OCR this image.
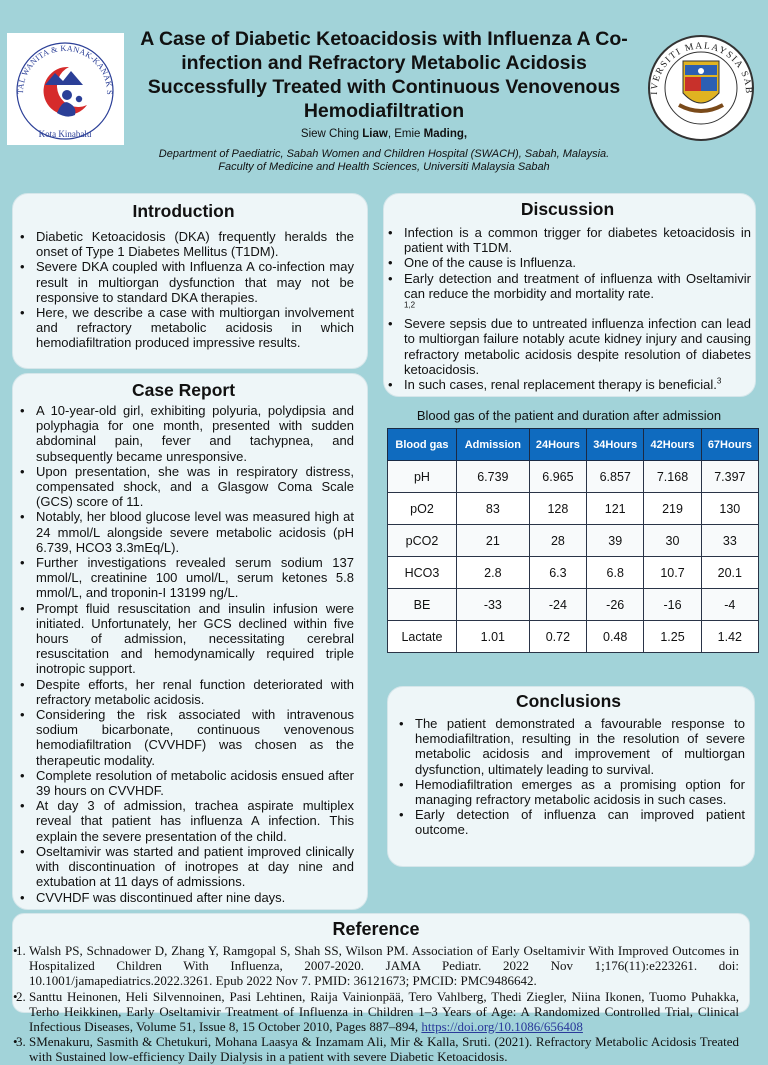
TAL WANITA & KANAK-KANAK S
Kota Kinabalu
A Case of Diabetic Ketoacidosis with Influenza A Co-infection and Refractory Metabolic Acidosis Successfully Treated with Continuous Venovenous Hemodiafiltration
Siew Ching Liaw, Emie Mading,
Department of Paediatric, Sabah Women and Children Hospital (SWACH), Sabah, Malaysia.
Faculty of Medicine and Health Sciences, Universiti Malaysia Sabah
IVERSITI MALAYSIA SAB
Introduction
• Diabetic Ketoacidosis (DKA) frequently heralds the onset of Type 1 Diabetes Mellitus (T1DM).
• Severe DKA coupled with Influenza A co-infection may result in multiorgan dysfunction that may not be responsive to standard DKA therapies.
• Here, we describe a case with multiorgan involvement and refractory metabolic acidosis in which hemodiafiltration produced impressive results.
Case Report
• A 10-year-old girl, exhibiting polyuria, polydipsia and polyphagia for one month, presented with sudden abdominal pain, fever and tachypnea, and subsequently became unresponsive.
• Upon presentation, she was in respiratory distress, compensated shock, and a Glasgow Coma Scale (GCS) score of 11.
• Notably, her blood glucose level was measured high at 24 mmol/L alongside severe metabolic acidosis (pH 6.739, HCO3 3.3mEq/L).
• Further investigations revealed serum sodium 137 mmol/L, creatinine 100 umol/L, serum ketones 5.8 mmol/L, and troponin-I 13199 ng/L.
• Prompt fluid resuscitation and insulin infusion were initiated. Unfortunately, her GCS declined within five hours of admission, necessitating cerebral resuscitation and hemodynamically required triple inotropic support.
• Despite efforts, her renal function deteriorated with refractory metabolic acidosis.
• Considering the risk associated with intravenous sodium bicarbonate, continuous venovenous hemodiafiltration (CVVHDF) was chosen as the therapeutic modality.
• Complete resolution of metabolic acidosis ensued after 39 hours on CVVHDF.
• At day 3 of admission, trachea aspirate multiplex reveal that patient has influenza A infection. This explain the severe presentation of the child.
• Oseltamivir was started and patient improved clinically with discontinuation of inotropes at day nine and extubation at 11 days of admissions.
• CVVHDF was discontinued after nine days.
Discussion
• Infection is a common trigger for diabetes ketoacidosis in patient with T1DM.
• One of the cause is Influenza.
• Early detection and treatment of influenza with Oseltamivir can reduce the morbidity and mortality rate.
$^{1,2}$
• Severe sepsis due to untreated influenza infection can lead to multiorgan failure notably acute kidney injury and causing refractory metabolic acidosis despite resolution of diabetes ketoacidosis.
• In such cases, renal replacement therapy is beneficial.$^3$
Blood gas of the patient and duration after admission
Blood gas	Admission	24Hours	34Hours	42Hours	67Hours
pH	6.739	6.965	6.857	7.168	7.397
pO2	83	128	121	219	130
pCO2	21	28	39	30	33
HCO3	2.8	6.3	6.8	10.7	20.1
BE	-33	-24	-26	-16	-4
Lactate	1.01	0.72	0.48	1.25	1.42
Conclusions
• The patient demonstrated a favourable response to hemodiafiltration, resulting in the resolution of severe metabolic acidosis and improvement of multiorgan dysfunction, ultimately leading to survival.
• Hemodiafiltration emerges as a promising option for managing refractory metabolic acidosis in such cases.
• Early detection of influenza can improved patient outcome.
Reference
• 1. Walsh PS, Schnadower D, Zhang Y, Ramgopal S, Shah SS, Wilson PM. Association of Early Oseltamivir With Improved Outcomes in Hospitalized Children With Influenza, 2007-2020. JAMA Pediatr. 2022 Nov 1;176(11):e223261. doi: 10.1001/jamapediatrics.2022.3261. Epub 2022 Nov 7. PMID: 36121673; PMCID: PMC9486642.
• 2. Santtu Heinonen, Heli Silvennoinen, Pasi Lehtinen, Raija Vainionpää, Tero Vahlberg, Thedi Ziegler, Niina Ikonen, Tuomo Puhakka, Terho Heikkinen, Early Oseltamivir Treatment of Influenza in Children 1–3 Years of Age: A Randomized Controlled Trial, Clinical Infectious Diseases, Volume 51, Issue 8, 15 October 2010, Pages 887–894, https://doi.org/10.1086/656408
• 3. SMenakuru, Sasmith & Chetukuri, Mohana Laasya & Inzamam Ali, Mir & Kalla, Sruti. (2021). Refractory Metabolic Acidosis Treated with Sustained low-efficiency Daily Dialysis in a patient with severe Diabetic Ketoacidosis.
